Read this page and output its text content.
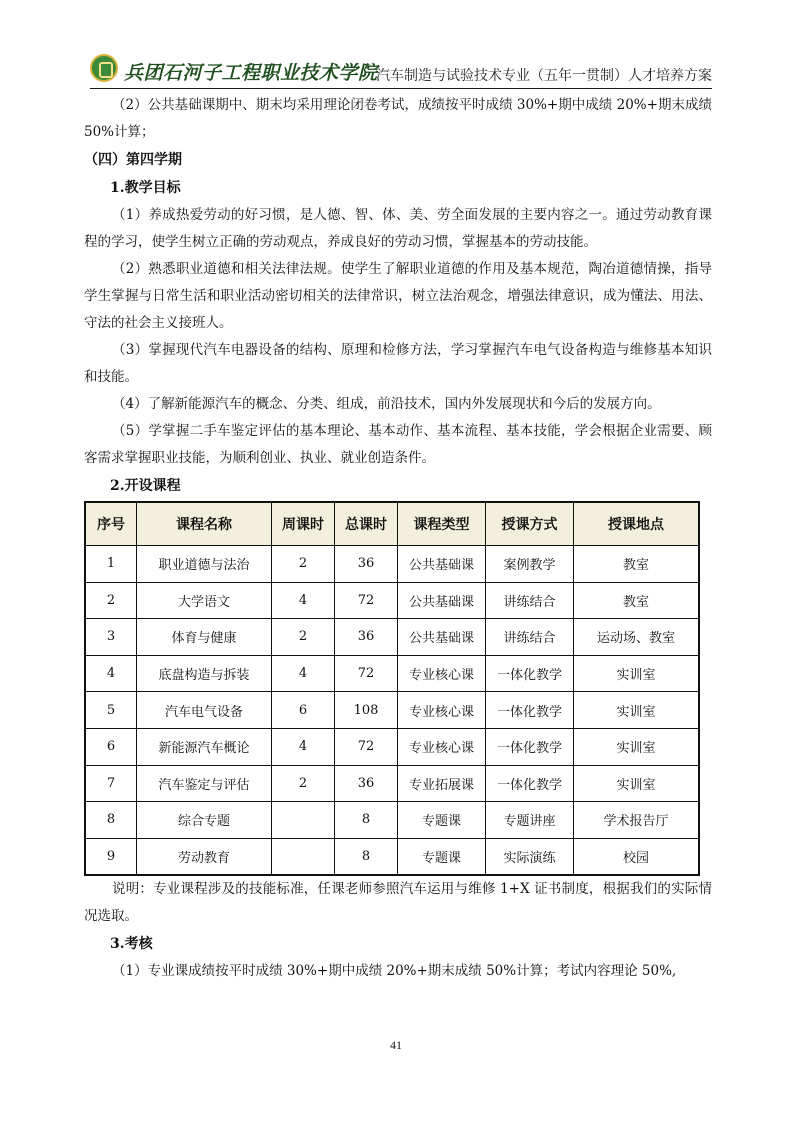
兵团石河子工程职业技术学院
汽车制造与试验技术专业（五年一贯制）人才培养方案

（2）公共基础课期中、期末均采用理论闭卷考试，成绩按平时成绩 30%+期中成绩 20%+期末成绩 50%计算；

（四）第四学期

1.教学目标

（1）养成热爱劳动的好习惯，是人德、智、体、美、劳全面发展的主要内容之一。通过劳动教育课程的学习，使学生树立正确的劳动观点，养成良好的劳动习惯，掌握基本的劳动技能。

（2）熟悉职业道德和相关法律法规。使学生了解职业道德的作用及基本规范，陶冶道德情操，指导学生掌握与日常生活和职业活动密切相关的法律常识，树立法治观念，增强法律意识，成为懂法、用法、守法的社会主义接班人。

（3）掌握现代汽车电器设备的结构、原理和检修方法，学习掌握汽车电气设备构造与维修基本知识和技能。

（4）了解新能源汽车的概念、分类、组成，前沿技术，国内外发展现状和今后的发展方向。

（5）学掌握二手车鉴定评估的基本理论、基本动作、基本流程、基本技能，学会根据企业需要、顾客需求掌握职业技能，为顺利创业、执业、就业创造条件。

2.开设课程

序号	课程名称	周课时	总课时	课程类型	授课方式	授课地点
1	职业道德与法治	2	36	公共基础课	案例教学	教室
2	大学语文	4	72	公共基础课	讲练结合	教室
3	体育与健康	2	36	公共基础课	讲练结合	运动场、教室
4	底盘构造与拆装	4	72	专业核心课	一体化教学	实训室
5	汽车电气设备	6	108	专业核心课	一体化教学	实训室
6	新能源汽车概论	4	72	专业核心课	一体化教学	实训室
7	汽车鉴定与评估	2	36	专业拓展课	一体化教学	实训室
8	综合专题		8	专题课	专题讲座	学术报告厅
9	劳动教育		8	专题课	实际演练	校园

说明：专业课程涉及的技能标准，任课老师参照汽车运用与维修 1+X 证书制度，根据我们的实际情况选取。

3.考核

（1）专业课成绩按平时成绩 30%+期中成绩 20%+期末成绩 50%计算；考试内容理论 50%,

41
